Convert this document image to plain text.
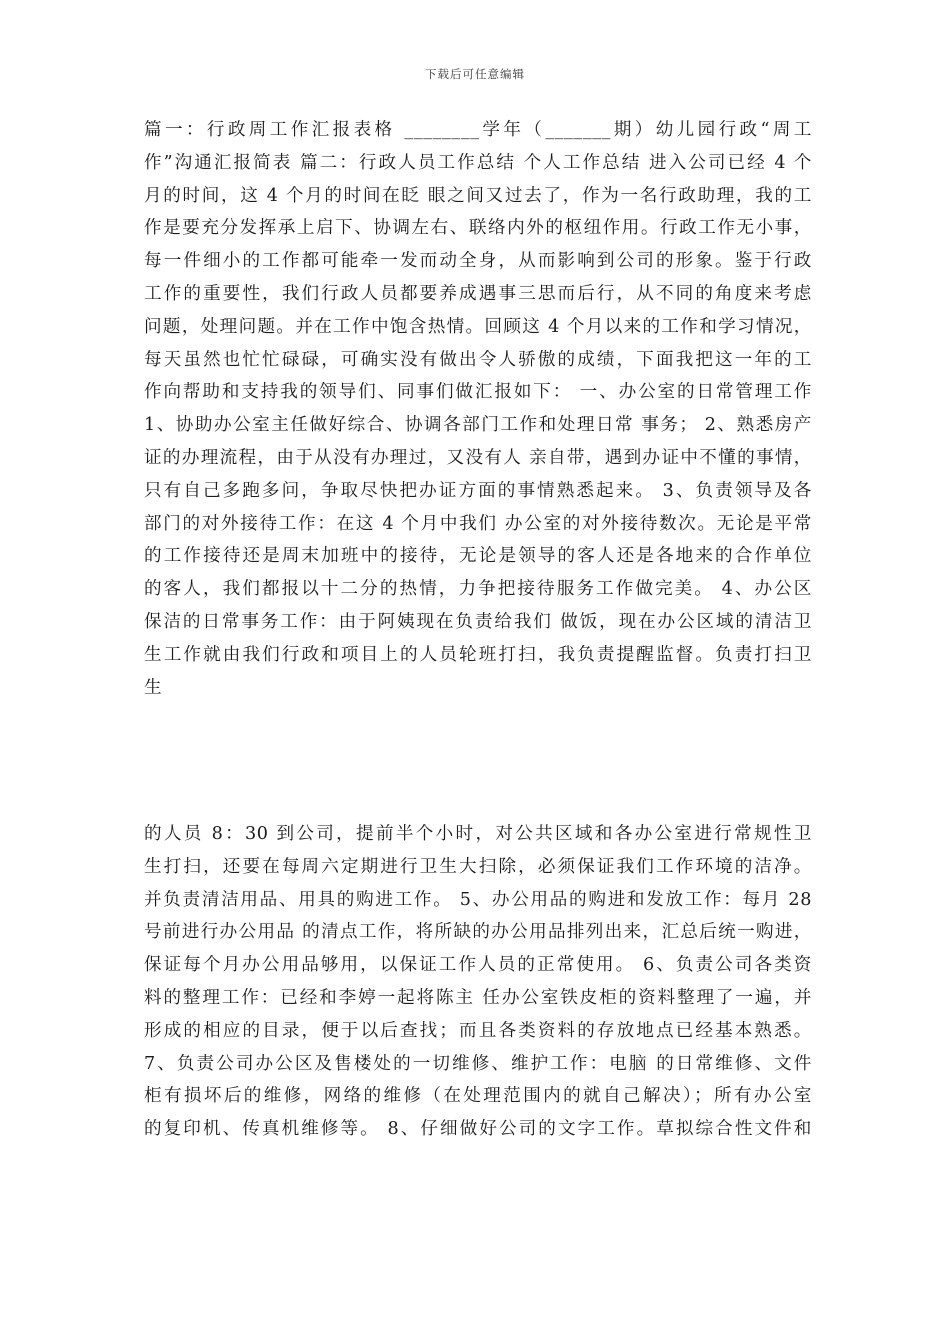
下载后可任意编辑
篇一：行政周工作汇报表格 ________学年（_______期）幼儿园行政“周工
作”沟通汇报简表 篇二：行政人员工作总结 个人工作总结 进入公司已经 4 个
月的时间，这 4 个月的时间在眨 眼之间又过去了，作为一名行政助理，我的工
作是要充分发挥承上启下、协调左右、联络内外的枢纽作用。行政工作无小事，
每一件细小的工作都可能牵一发而动全身，从而影响到公司的形象。鉴于行政
工作的重要性，我们行政人员都要养成遇事三思而后行，从不同的角度来考虑
问题，处理问题。并在工作中饱含热情。回顾这 4 个月以来的工作和学习情况，
每天虽然也忙忙碌碌，可确实没有做出令人骄傲的成绩，下面我把这一年的工
作向帮助和支持我的领导们、同事们做汇报如下： 一、办公室的日常管理工作
1、协助办公室主任做好综合、协调各部门工作和处理日常 事务； 2、熟悉房产
证的办理流程，由于从没有办理过，又没有人 亲自带，遇到办证中不懂的事情，
只有自己多跑多问，争取尽快把办证方面的事情熟悉起来。 3、负责领导及各
部门的对外接待工作：在这 4 个月中我们 办公室的对外接待数次。无论是平常
的工作接待还是周末加班中的接待，无论是领导的客人还是各地来的合作单位
的客人，我们都报以十二分的热情，力争把接待服务工作做完美。 4、办公区
保洁的日常事务工作：由于阿姨现在负责给我们 做饭，现在办公区域的清洁卫
生工作就由我们行政和项目上的人员轮班打扫，我负责提醒监督。负责打扫卫
生
的人员 8：30 到公司，提前半个小时，对公共区域和各办公室进行常规性卫
生打扫，还要在每周六定期进行卫生大扫除，必须保证我们工作环境的洁净。
并负责清洁用品、用具的购进工作。 5、办公用品的购进和发放工作：每月 28
号前进行办公用品 的清点工作，将所缺的办公用品排列出来，汇总后统一购进，
保证每个月办公用品够用，以保证工作人员的正常使用。 6、负责公司各类资
料的整理工作：已经和李婷一起将陈主 任办公室铁皮柜的资料整理了一遍，并
形成的相应的目录，便于以后查找；而且各类资料的存放地点已经基本熟悉。
7、负责公司办公区及售楼处的一切维修、维护工作：电脑 的日常维修、文件
柜有损坏后的维修，网络的维修（在处理范围内的就自己解决）；所有办公室
的复印机、传真机维修等。 8、仔细做好公司的文字工作。草拟综合性文件和
